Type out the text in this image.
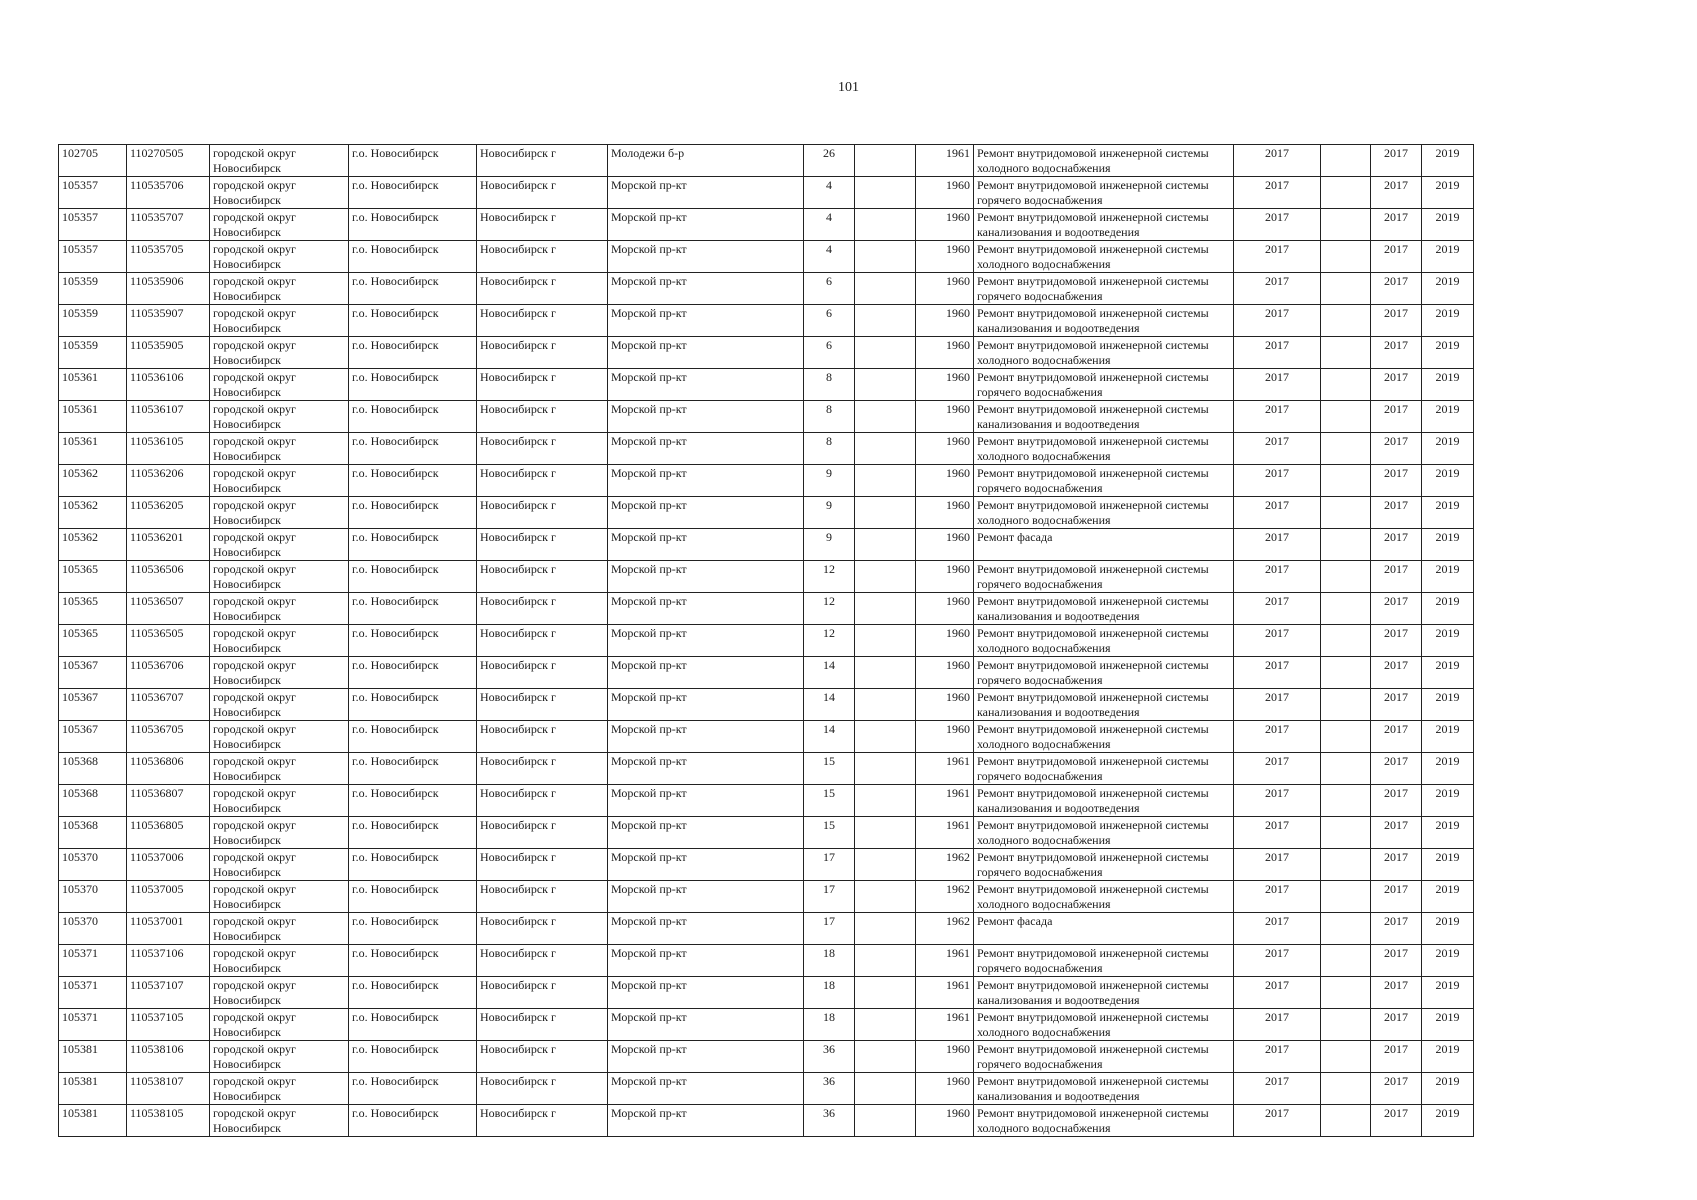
101
102705	110270505	городской округ Новосибирск	г.о. Новосибирск	Новосибирск г	Молодежи б-р	26		1961	Ремонт внутридомовой инженерной системы холодного водоснабжения	2017		2017	2019
105357	110535706	городской округ Новосибирск	г.о. Новосибирск	Новосибирск г	Морской пр-кт	4		1960	Ремонт внутридомовой инженерной системы горячего водоснабжения	2017		2017	2019
105357	110535707	городской округ Новосибирск	г.о. Новосибирск	Новосибирск г	Морской пр-кт	4		1960	Ремонт внутридомовой инженерной системы канализования и водоотведения	2017		2017	2019
105357	110535705	городской округ Новосибирск	г.о. Новосибирск	Новосибирск г	Морской пр-кт	4		1960	Ремонт внутридомовой инженерной системы холодного водоснабжения	2017		2017	2019
105359	110535906	городской округ Новосибирск	г.о. Новосибирск	Новосибирск г	Морской пр-кт	6		1960	Ремонт внутридомовой инженерной системы горячего водоснабжения	2017		2017	2019
105359	110535907	городской округ Новосибирск	г.о. Новосибирск	Новосибирск г	Морской пр-кт	6		1960	Ремонт внутридомовой инженерной системы канализования и водоотведения	2017		2017	2019
105359	110535905	городской округ Новосибирск	г.о. Новосибирск	Новосибирск г	Морской пр-кт	6		1960	Ремонт внутридомовой инженерной системы холодного водоснабжения	2017		2017	2019
105361	110536106	городской округ Новосибирск	г.о. Новосибирск	Новосибирск г	Морской пр-кт	8		1960	Ремонт внутридомовой инженерной системы горячего водоснабжения	2017		2017	2019
105361	110536107	городской округ Новосибирск	г.о. Новосибирск	Новосибирск г	Морской пр-кт	8		1960	Ремонт внутридомовой инженерной системы канализования и водоотведения	2017		2017	2019
105361	110536105	городской округ Новосибирск	г.о. Новосибирск	Новосибирск г	Морской пр-кт	8		1960	Ремонт внутридомовой инженерной системы холодного водоснабжения	2017		2017	2019
105362	110536206	городской округ Новосибирск	г.о. Новосибирск	Новосибирск г	Морской пр-кт	9		1960	Ремонт внутридомовой инженерной системы горячего водоснабжения	2017		2017	2019
105362	110536205	городской округ Новосибирск	г.о. Новосибирск	Новосибирск г	Морской пр-кт	9		1960	Ремонт внутридомовой инженерной системы холодного водоснабжения	2017		2017	2019
105362	110536201	городской округ Новосибирск	г.о. Новосибирск	Новосибирск г	Морской пр-кт	9		1960	Ремонт фасада	2017		2017	2019
105365	110536506	городской округ Новосибирск	г.о. Новосибирск	Новосибирск г	Морской пр-кт	12		1960	Ремонт внутридомовой инженерной системы горячего водоснабжения	2017		2017	2019
105365	110536507	городской округ Новосибирск	г.о. Новосибирск	Новосибирск г	Морской пр-кт	12		1960	Ремонт внутридомовой инженерной системы канализования и водоотведения	2017		2017	2019
105365	110536505	городской округ Новосибирск	г.о. Новосибирск	Новосибирск г	Морской пр-кт	12		1960	Ремонт внутридомовой инженерной системы холодного водоснабжения	2017		2017	2019
105367	110536706	городской округ Новосибирск	г.о. Новосибирск	Новосибирск г	Морской пр-кт	14		1960	Ремонт внутридомовой инженерной системы горячего водоснабжения	2017		2017	2019
105367	110536707	городской округ Новосибирск	г.о. Новосибирск	Новосибирск г	Морской пр-кт	14		1960	Ремонт внутридомовой инженерной системы канализования и водоотведения	2017		2017	2019
105367	110536705	городской округ Новосибирск	г.о. Новосибирск	Новосибирск г	Морской пр-кт	14		1960	Ремонт внутридомовой инженерной системы холодного водоснабжения	2017		2017	2019
105368	110536806	городской округ Новосибирск	г.о. Новосибирск	Новосибирск г	Морской пр-кт	15		1961	Ремонт внутридомовой инженерной системы горячего водоснабжения	2017		2017	2019
105368	110536807	городской округ Новосибирск	г.о. Новосибирск	Новосибирск г	Морской пр-кт	15		1961	Ремонт внутридомовой инженерной системы канализования и водоотведения	2017		2017	2019
105368	110536805	городской округ Новосибирск	г.о. Новосибирск	Новосибирск г	Морской пр-кт	15		1961	Ремонт внутридомовой инженерной системы холодного водоснабжения	2017		2017	2019
105370	110537006	городской округ Новосибирск	г.о. Новосибирск	Новосибирск г	Морской пр-кт	17		1962	Ремонт внутридомовой инженерной системы горячего водоснабжения	2017		2017	2019
105370	110537005	городской округ Новосибирск	г.о. Новосибирск	Новосибирск г	Морской пр-кт	17		1962	Ремонт внутридомовой инженерной системы холодного водоснабжения	2017		2017	2019
105370	110537001	городской округ Новосибирск	г.о. Новосибирск	Новосибирск г	Морской пр-кт	17		1962	Ремонт фасада	2017		2017	2019
105371	110537106	городской округ Новосибирск	г.о. Новосибирск	Новосибирск г	Морской пр-кт	18		1961	Ремонт внутридомовой инженерной системы горячего водоснабжения	2017		2017	2019
105371	110537107	городской округ Новосибирск	г.о. Новосибирск	Новосибирск г	Морской пр-кт	18		1961	Ремонт внутридомовой инженерной системы канализования и водоотведения	2017		2017	2019
105371	110537105	городской округ Новосибирск	г.о. Новосибирск	Новосибирск г	Морской пр-кт	18		1961	Ремонт внутридомовой инженерной системы холодного водоснабжения	2017		2017	2019
105381	110538106	городской округ Новосибирск	г.о. Новосибирск	Новосибирск г	Морской пр-кт	36		1960	Ремонт внутридомовой инженерной системы горячего водоснабжения	2017		2017	2019
105381	110538107	городской округ Новосибирск	г.о. Новосибирск	Новосибирск г	Морской пр-кт	36		1960	Ремонт внутридомовой инженерной системы канализования и водоотведения	2017		2017	2019
105381	110538105	городской округ Новосибирск	г.о. Новосибирск	Новосибирск г	Морской пр-кт	36		1960	Ремонт внутридомовой инженерной системы холодного водоснабжения	2017		2017	2019
